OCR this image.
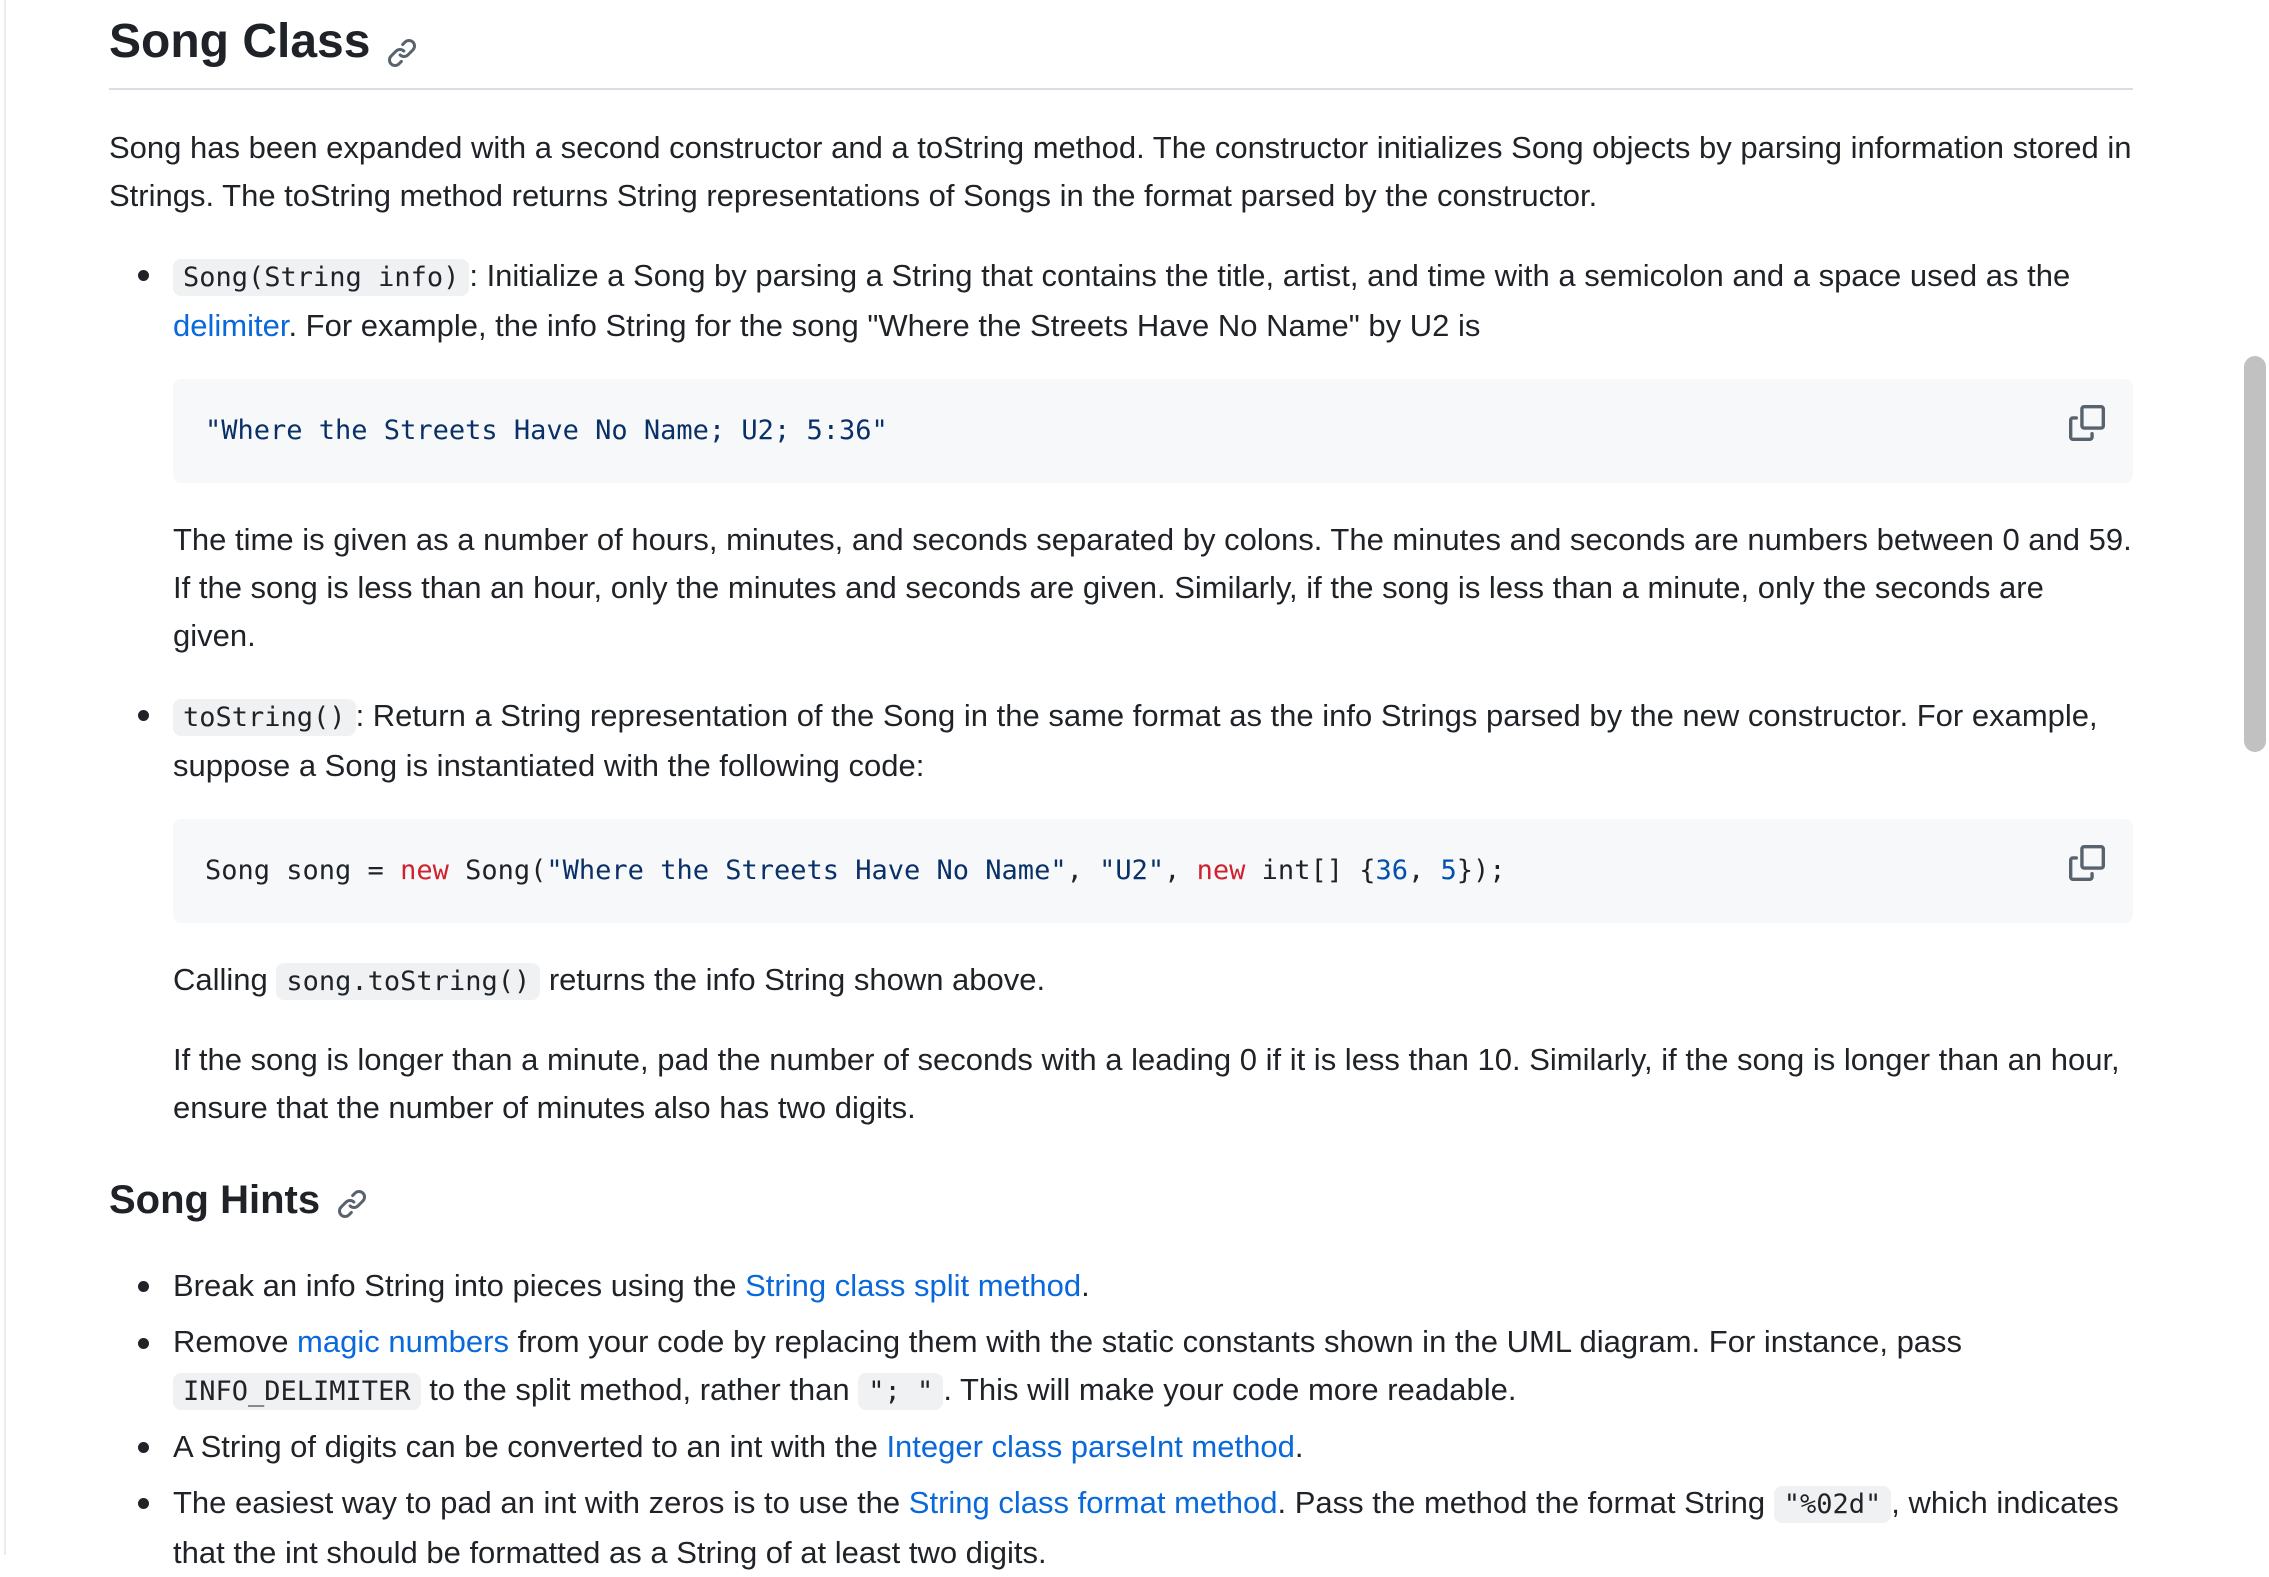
Song Class

Song has been expanded with a second constructor and a toString method. The constructor initializes Song objects by parsing information stored in Strings. The toString method returns String representations of Songs in the format parsed by the constructor.

Song(String info) : Initialize a Song by parsing a String that contains the title, artist, and time with a semicolon and a space used as the delimiter. For example, the info String for the song "Where the Streets Have No Name" by U2 is

"Where the Streets Have No Name; U2; 5:36"

The time is given as a number of hours, minutes, and seconds separated by colons. The minutes and seconds are numbers between 0 and 59. If the song is less than an hour, only the minutes and seconds are given. Similarly, if the song is less than a minute, only the seconds are given.

toString() : Return a String representation of the Song in the same format as the info Strings parsed by the new constructor. For example, suppose a Song is instantiated with the following code:

Song song = new Song("Where the Streets Have No Name", "U2", new int[] {36, 5});

Calling song.toString() returns the info String shown above.

If the song is longer than a minute, pad the number of seconds with a leading 0 if it is less than 10. Similarly, if the song is longer than an hour, ensure that the number of minutes also has two digits.

Song Hints

Break an info String into pieces using the String class split method.

Remove magic numbers from your code by replacing them with the static constants shown in the UML diagram. For instance, pass INFO_DELIMITER to the split method, rather than "; " . This will make your code more readable.

A String of digits can be converted to an int with the Integer class parseInt method.

The easiest way to pad an int with zeros is to use the String class format method. Pass the method the format String "%02d" , which indicates that the int should be formatted as a String of at least two digits.
